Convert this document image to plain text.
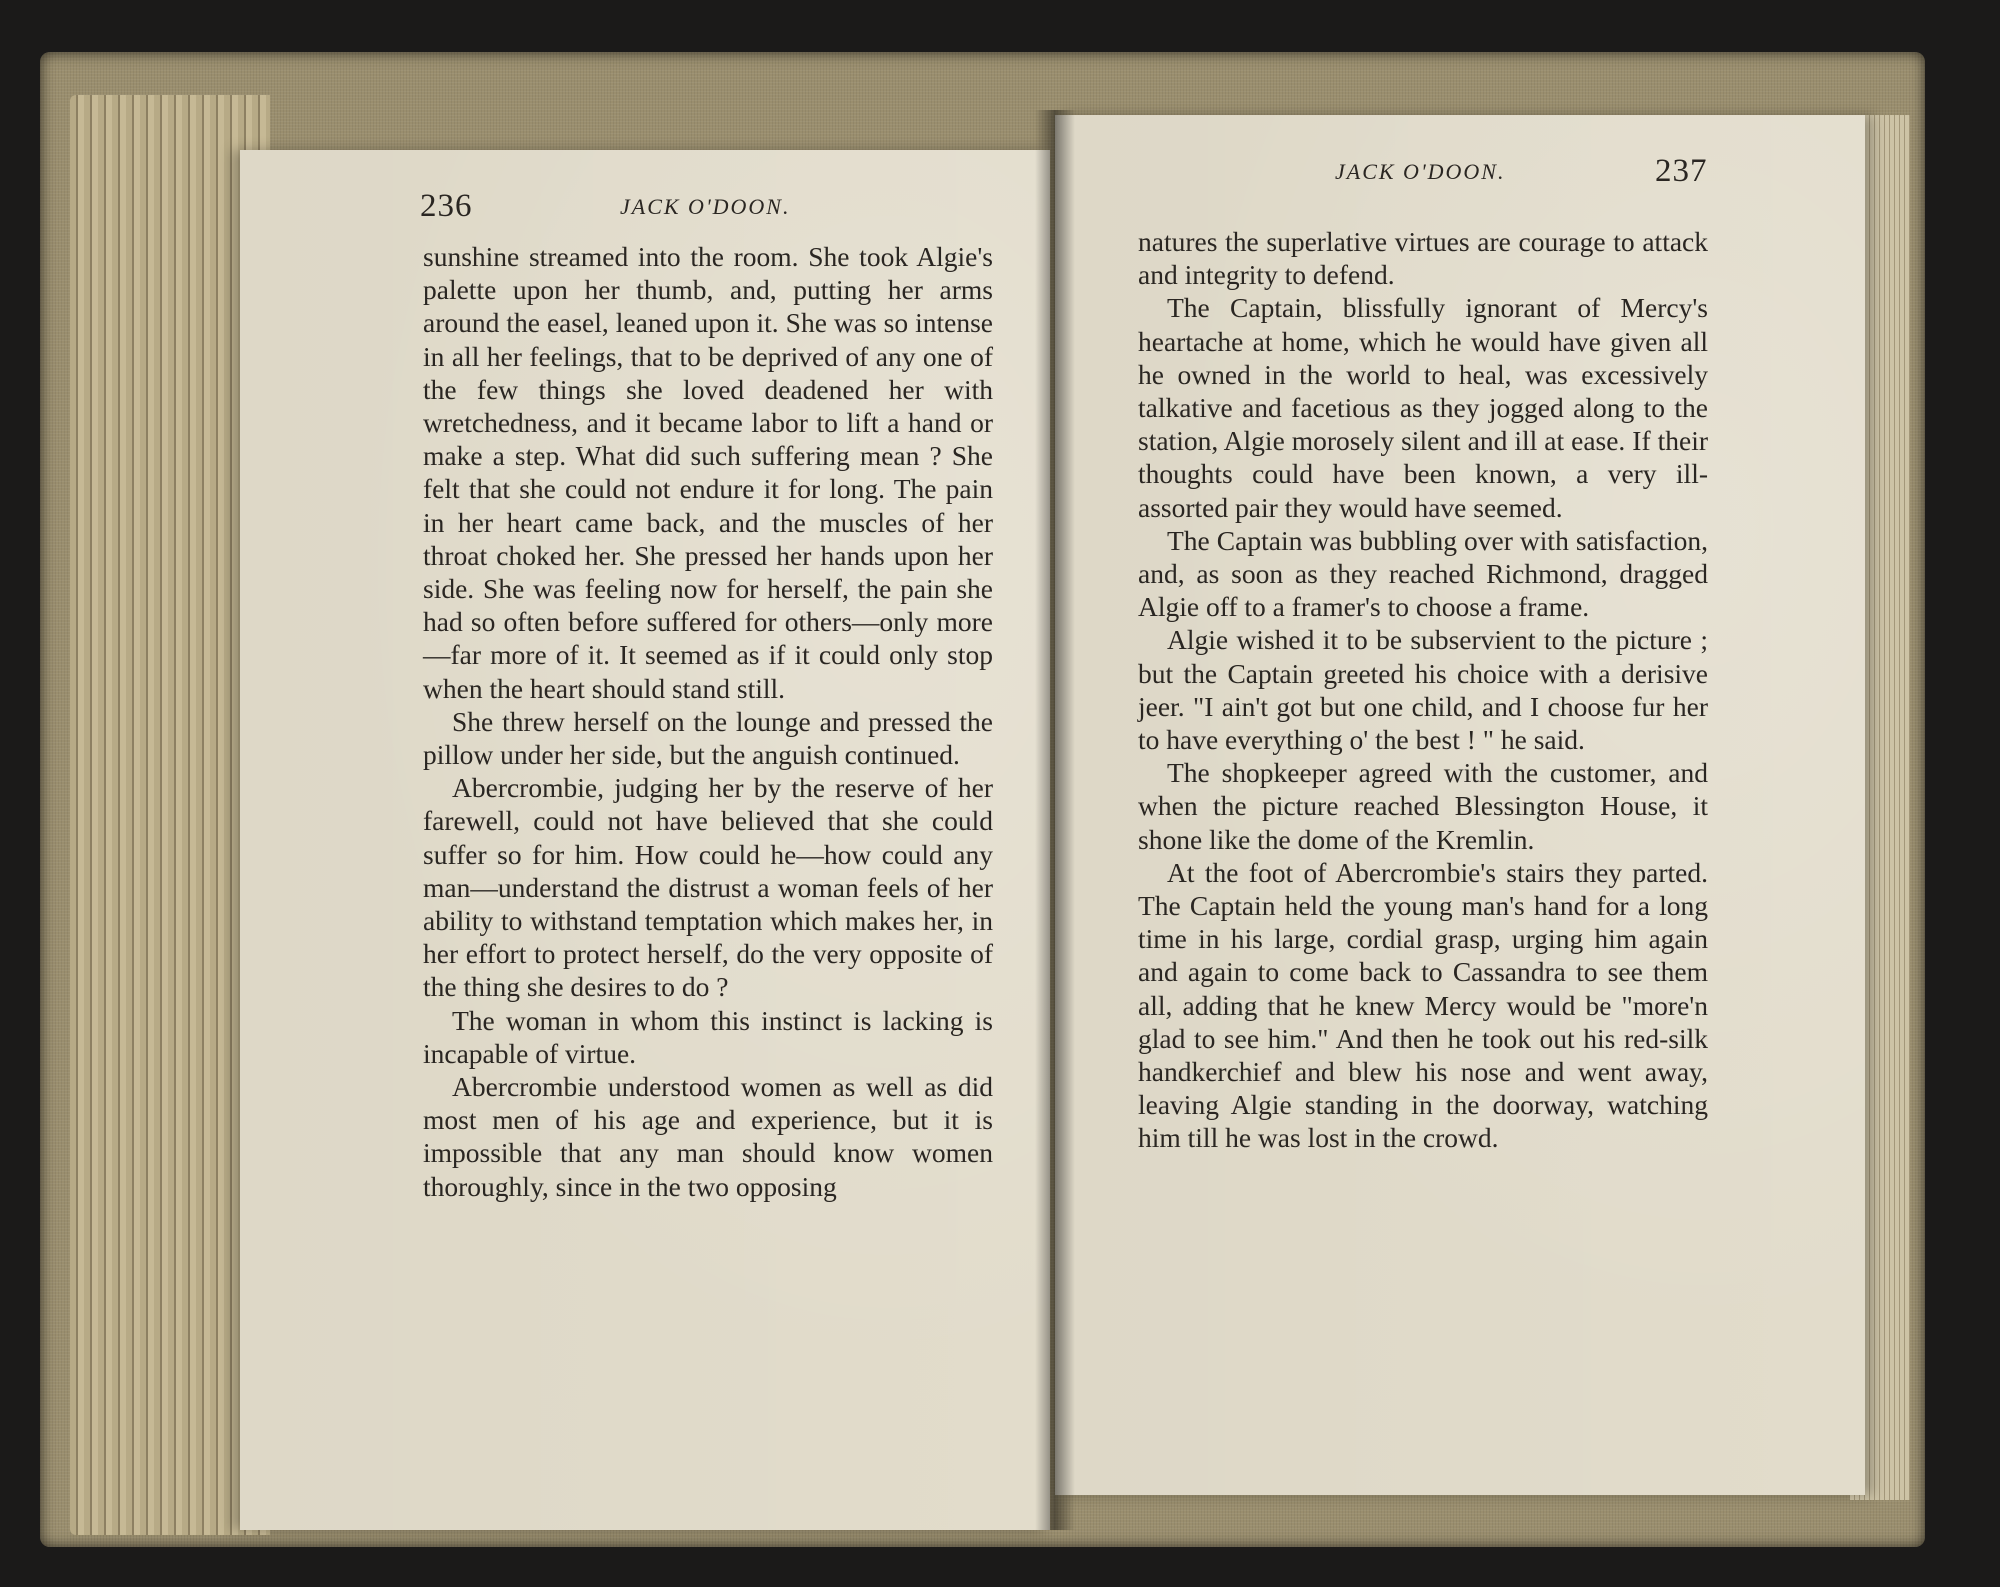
236	JACK O'DOON.

sunshine streamed into the room. She took Algie's palette upon her thumb, and, putting her arms around the easel, leaned upon it. She was so intense in all her feelings, that to be deprived of any one of the few things she loved deadened her with wretchedness, and it became labor to lift a hand or make a step. What did such suffering mean ? She felt that she could not endure it for long. The pain in her heart came back, and the muscles of her throat choked her. She pressed her hands upon her side. She was feeling now for herself, the pain she had so often before suffered for others—only more—far more of it. It seemed as if it could only stop when the heart should stand still.

She threw herself on the lounge and pressed the pillow under her side, but the anguish continued.

Abercrombie, judging her by the reserve of her farewell, could not have believed that she could suffer so for him. How could he—how could any man—understand the distrust a woman feels of her ability to withstand temptation which makes her, in her effort to protect herself, do the very opposite of the thing she desires to do ?

The woman in whom this instinct is lacking is incapable of virtue.

Abercrombie understood women as well as did most men of his age and experience, but it is impossible that any man should know women thoroughly, since in the two opposing

JACK O'DOON.	237

natures the superlative virtues are courage to attack and integrity to defend.

The Captain, blissfully ignorant of Mercy's heartache at home, which he would have given all he owned in the world to heal, was excessively talkative and facetious as they jogged along to the station, Algie morosely silent and ill at ease. If their thoughts could have been known, a very ill-assorted pair they would have seemed.

The Captain was bubbling over with satisfaction, and, as soon as they reached Richmond, dragged Algie off to a framer's to choose a frame.

Algie wished it to be subservient to the picture ; but the Captain greeted his choice with a derisive jeer. "I ain't got but one child, and I choose fur her to have everything o' the best ! " he said.

The shopkeeper agreed with the customer, and when the picture reached Blessington House, it shone like the dome of the Kremlin.

At the foot of Abercrombie's stairs they parted. The Captain held the young man's hand for a long time in his large, cordial grasp, urging him again and again to come back to Cassandra to see them all, adding that he knew Mercy would be "more'n glad to see him." And then he took out his red-silk handkerchief and blew his nose and went away, leaving Algie standing in the doorway, watching him till he was lost in the crowd.
